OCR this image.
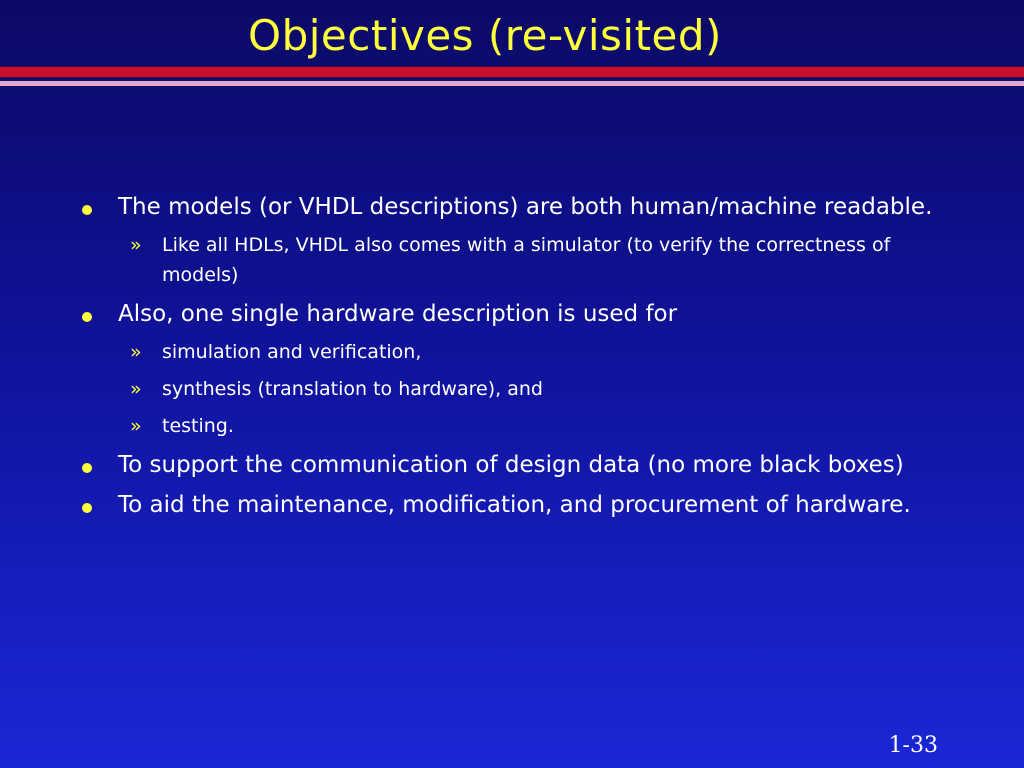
Objectives (re-visited)
The models (or VHDL descriptions) are both human/machine readable.
» Like all HDLs, VHDL also comes with a simulator (to verify the correctness of models)
Also, one single hardware description is used for
» simulation and verification,
» synthesis (translation to hardware), and
» testing.
To support the communication of design data (no more black boxes)
To aid the maintenance, modification, and procurement of hardware.
1-33
